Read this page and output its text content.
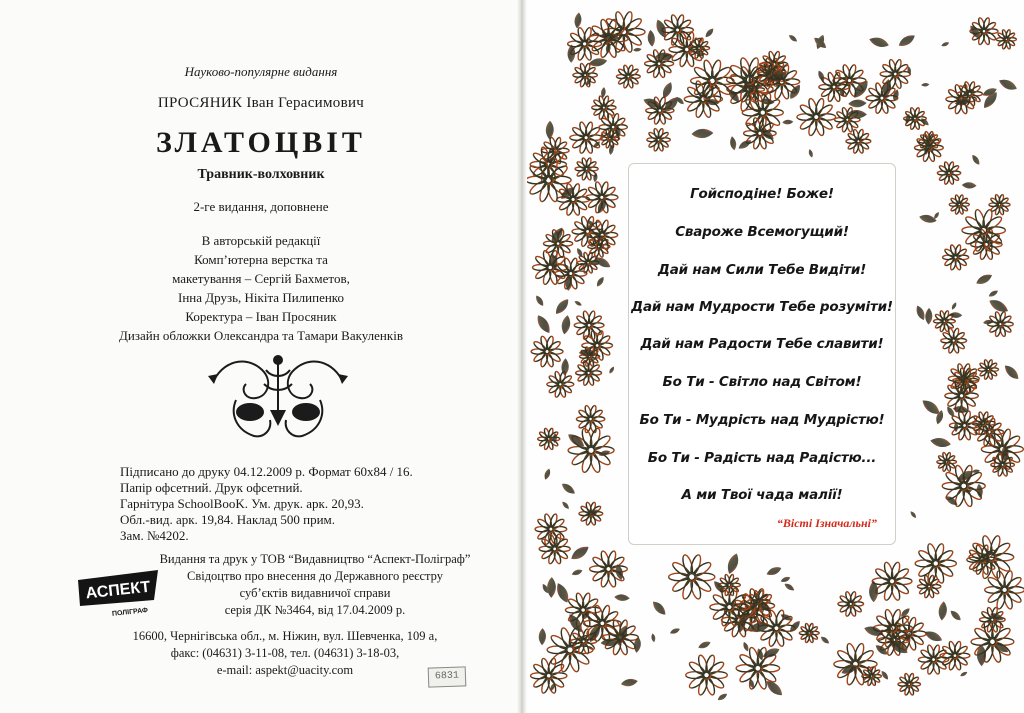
Науково-популярне видання
ПРОСЯНИК Іван Герасимович
ЗЛАТОЦВІТ
Травник-волховник
2-ге видання, доповнене
В авторській редакції
Комп’ютерна верстка та
макетування – Сергій Бахметов,
Інна Друзь, Нікіта Пилипенко
Коректура – Іван Просяник
Дизайн обложки Олександра та Тамари Вакуленків
Підписано до друку 04.12.2009 р. Формат 60x84 / 16.
Папір офсетний. Друк офсетний.
Гарнітура SchoolBooK. Ум. друк. арк. 20,93.
Обл.-вид. арк. 19,84. Наклад 500 прим.
Зам. №4202.
АСПЕКТ
ПОЛІГРАФ
Видання та друк у ТОВ “Видавництво “Аспект-Поліграф”
Свідоцтво про внесення до Державного реєстру
суб’єктів видавничої справи
серія ДК №3464, від 17.04.2009 р.
16600, Чернігівська обл., м. Ніжин, вул. Шевченка, 109 а,
факс: (04631) 3-11-08, тел. (04631) 3-18-03,
e-mail: aspekt@uacity.com	6831
Гойсподіне! Боже!
Свароже Всемогущий!
Дай нам Сили Тебе Видіти!
Дай нам Мудрости Тебе розуміти!
Дай нам Радости Тебе славити!
Бо Ти - Світло над Світом!
Бо Ти - Мудрість над Мудрістю!
Бо Ти - Радість над Радістю...
А ми Твої чада малії!
“Вісті Ізначальні”
